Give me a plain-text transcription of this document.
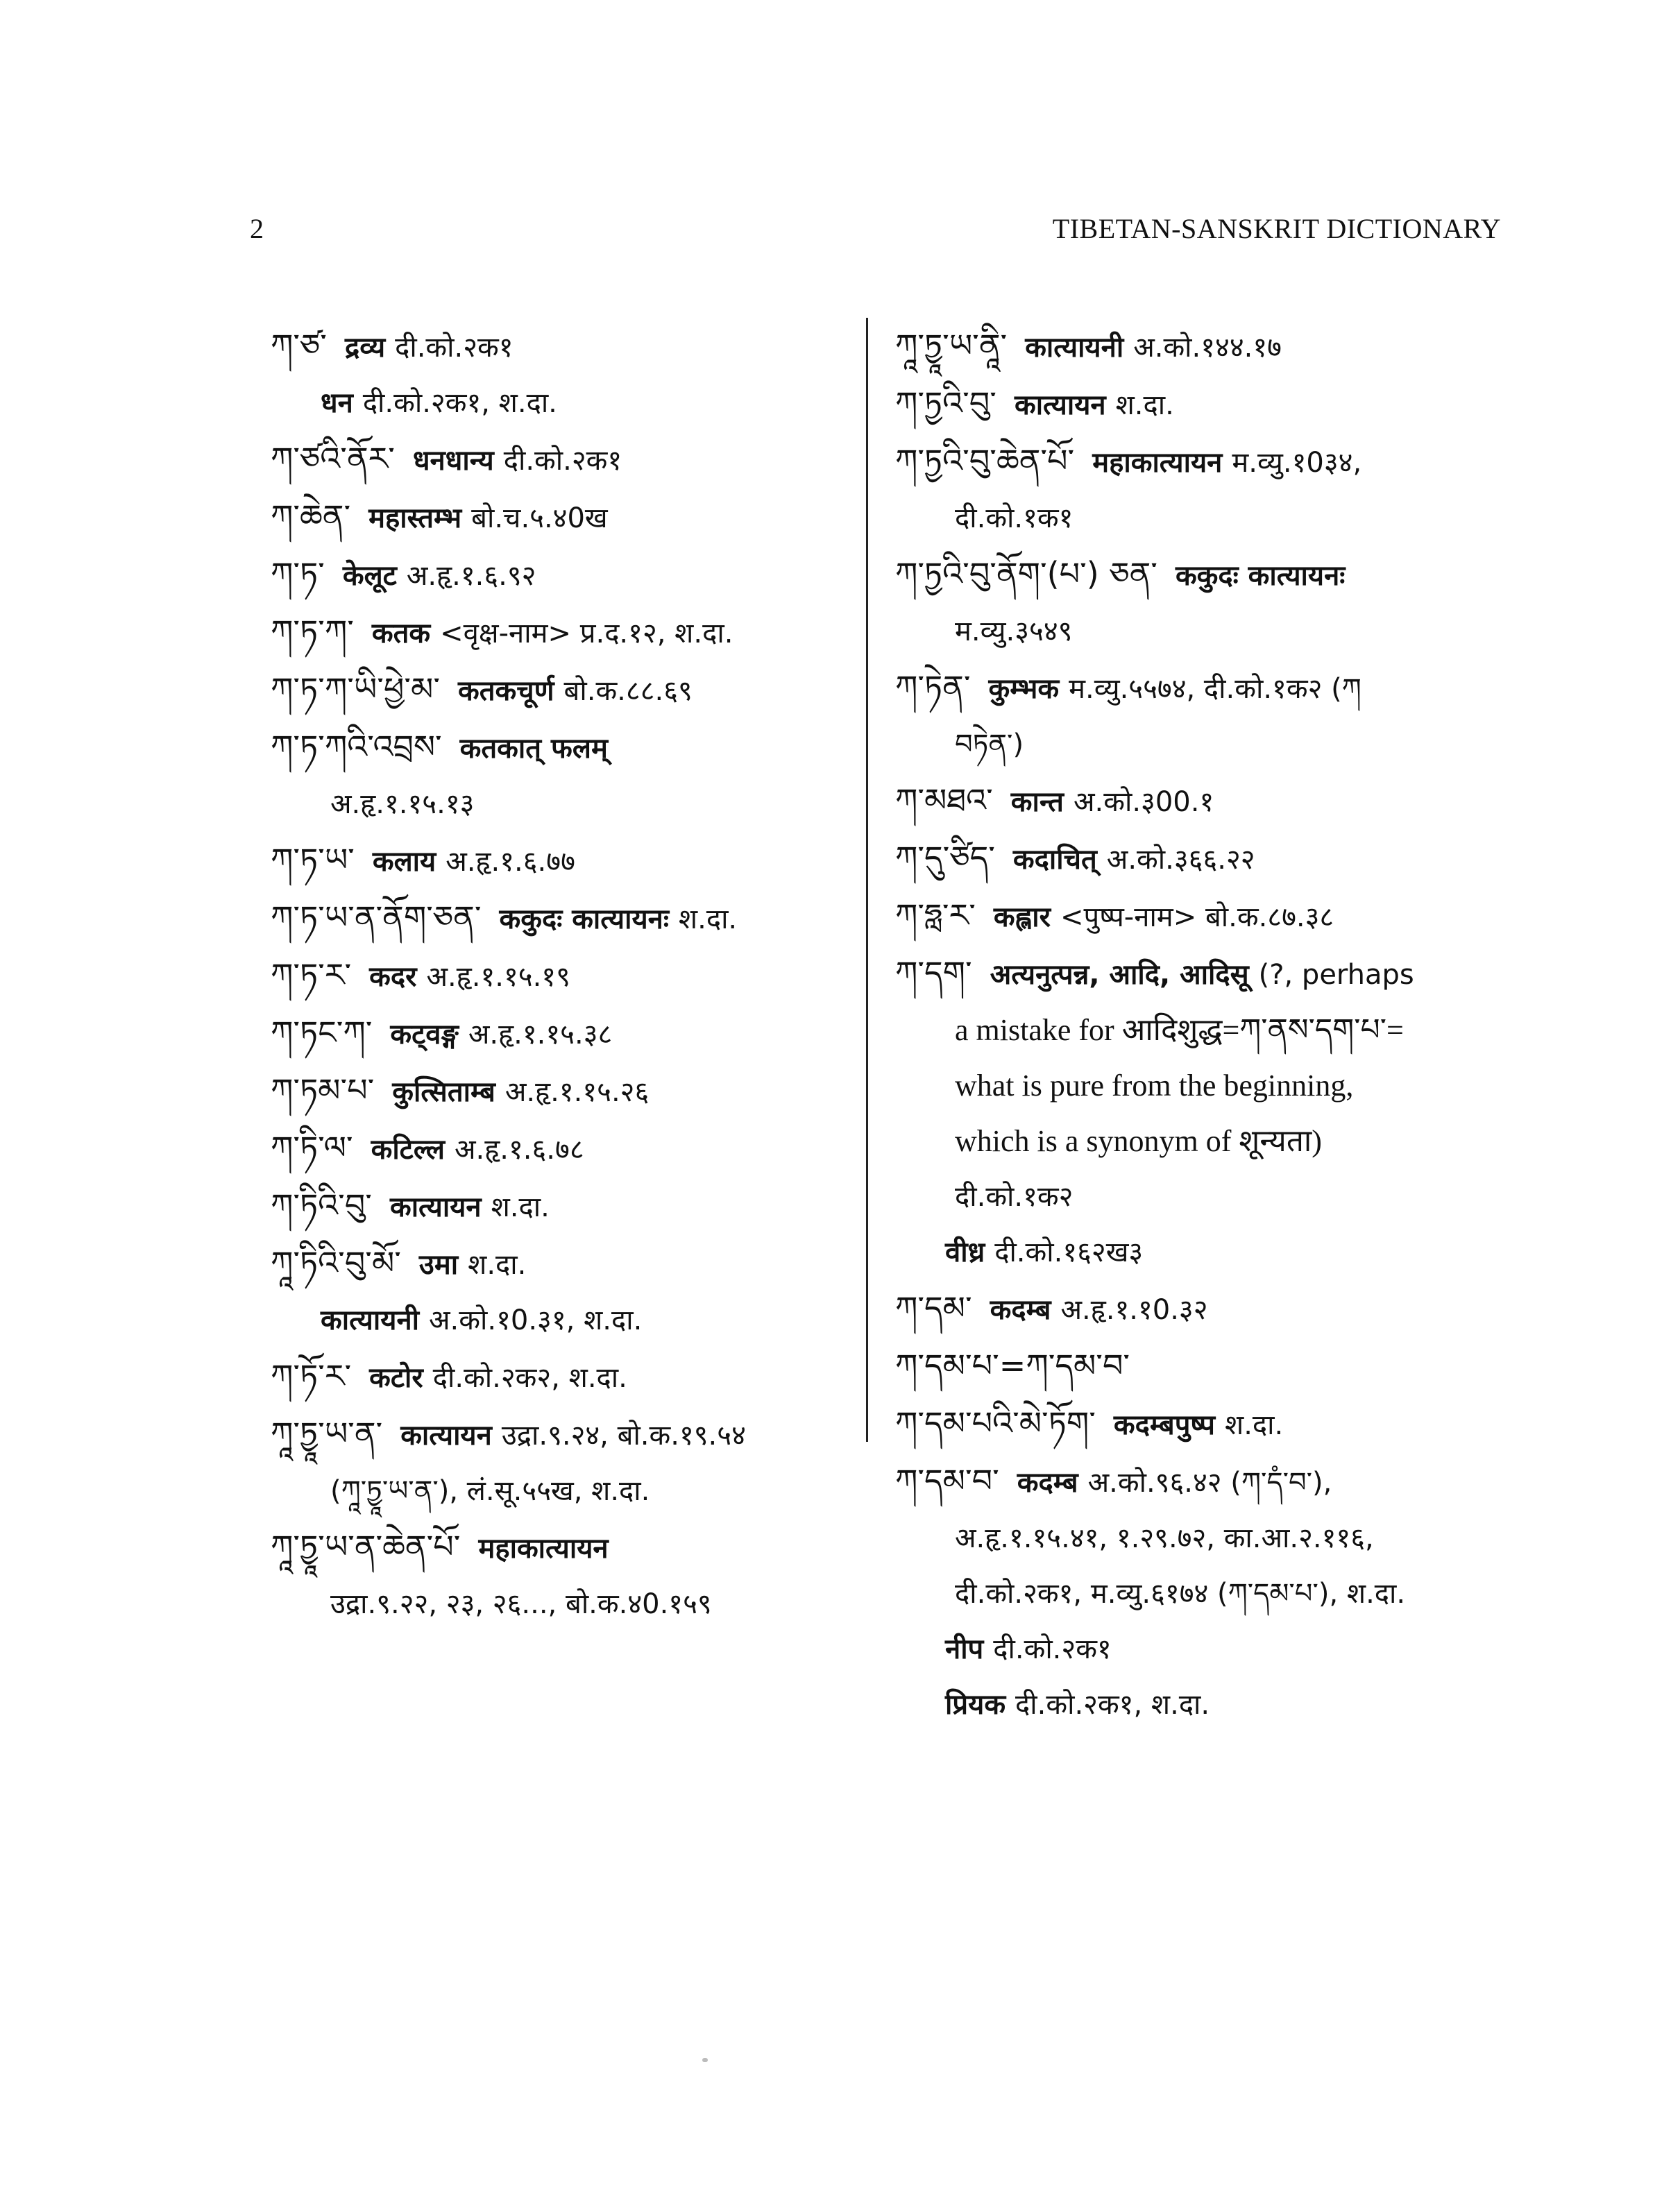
2	TIBETAN-SANSKRIT DICTIONARY
ཀ་ཙ་ द्रव्य दी.को.२क१
धन दी.को.२क१, श.दा.
ཀ་ཙའི་ནོར་ धनधान्य दी.को.२क१
ཀ་ཆེན་ महास्तम्भ बो.च.५.४0ख
ཀ་ཏ་ केलूट अ.हृ.१.६.९२
ཀ་ཏ་ཀ་ कतक <वृक्ष-नाम> प्र.द.१२, श.दा.
ཀ་ཏ་ཀ་ཡི་ཕྱེ་མ་ कतकचूर्ण बो.क.८८.६९
ཀ་ཏ་ཀའི་འབྲས་ कतकात् फलम्
अ.हृ.१.१५.१३
ཀ་ཏ་ཡ་ कलाय अ.हृ.१.६.७७
ཀ་ཏ་ཡ་ན་ནོག་ཅན་ ककुदः कात्यायनः श.दा.
ཀ་ཏ་ར་ कदर अ.हृ.१.१५.१९
ཀ་ཏང་ཀ་ कट्वङ्ग अ.हृ.१.१५.३८
ཀ་ཏམ་པ་ कुत्सिताम्ब अ.हृ.१.१५.२६
ཀ་ཏི་ལ་ कटिल्ल अ.हृ.१.६.७८
ཀ་ཏིའི་བུ་ कात्यायन श.दा.
ཀཱ་ཏིའི་བུ་མོ་ उमा श.दा.
कात्यायनी अ.को.१0.३१, श.दा.
ཀ་ཏོ་ར་ कटोर दी.को.२क२, श.दा.
ཀཱ་ཏྱཱ་ཡ་ན་ कात्यायन उद्रा.९.२४, बो.क.१९.५४
(ཀཱ་ཏྱཱ་ཡ་ན་), लं.सू.५५ख, श.दा.
ཀཱ་ཏྱཱ་ཡ་ན་ཆེན་པོ་ महाकात्यायन
उद्रा.९.२२, २३, २६..., बो.क.४0.१५९
ཀཱ་ཏྱཱ་ཡ་ནཱི་ कात्यायनी अ.को.१४४.१७
ཀ་ཏྱའི་བུ་ कात्यायन श.दा.
ཀ་ཏྱའི་བུ་ཆེན་པོ་ महाकात्यायन म.व्यु.१0३४,
दी.को.१क१
ཀ་ཏྱའི་བུ་ནོག་(པ་) ཅན་ ककुदः कात्यायनः
म.व्यु.३५४९
ཀ་ཏེན་ कुम्भक म.व्यु.५५७४, दी.को.१क२ (ཀ
བཏེན་)
ཀ་མཐའ་ कान्त अ.को.३00.१
ཀ་དུ་ཙིད་ कदाचित् अ.को.३६६.२२
ཀ་ཧླ་ར་ कह्लार <पुष्प-नाम> बो.क.८७.३८
ཀ་དག་ अत्यनुत्पन्न, आदि, आदिसू (?, perhaps
a mistake for आदिशुद्ध=ཀ་ནས་དག་པ་=
what is pure from the beginning,
which is a synonym of शून्यता)
दी.को.१क२
वीध्र दी.को.१६२ख३
ཀ་དམ་ कदम्ब अ.हृ.१.१0.३२
ཀ་དམ་པ་=ཀ་དམ་བ་
ཀ་དམ་པའི་མེ་ཏོག་ कदम्बपुष्प श.दा.
ཀ་དམ་བ་ कदम्ब अ.को.९६.४२ (ཀ་དཾ་བ་),
अ.हृ.१.१५.४१, १.२९.७२, का.आ.२.११६,
दी.को.२क१, म.व्यु.६१७४ (ཀ་དམ་པ་), श.दा.
नीप दी.को.२क१
प्रियक दी.को.२क१, श.दा.
